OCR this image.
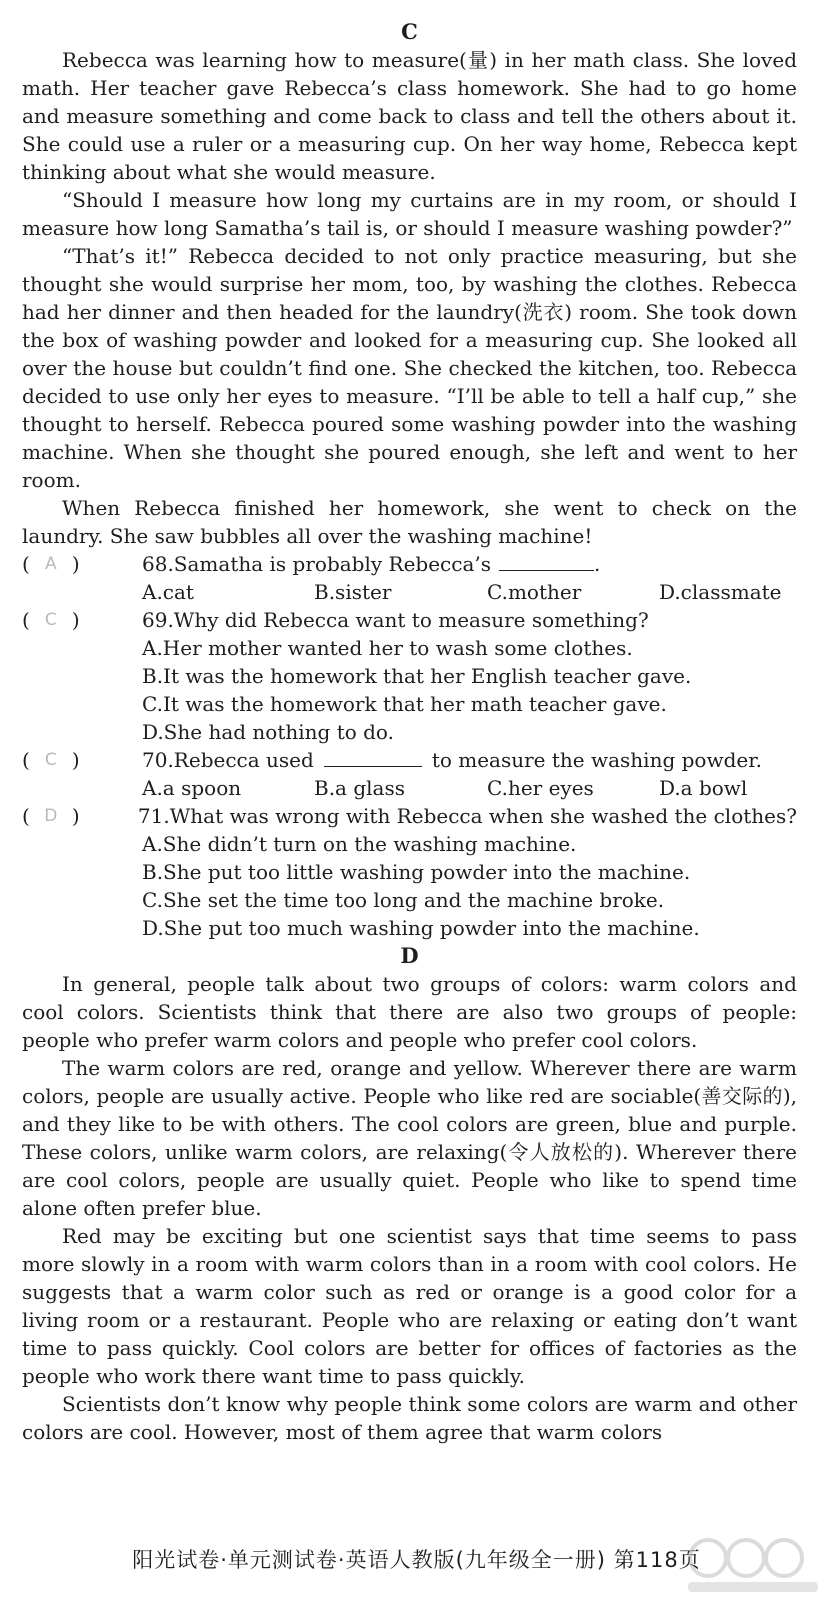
C

Rebecca was learning how to measure(量) in her math class. She loved math. Her teacher gave Rebecca’s class homework. She had to go home and measure something and come back to class and tell the others about it. She could use a ruler or a measuring cup. On her way home, Rebecca kept thinking about what she would measure.

“Should I measure how long my curtains are in my room, or should I measure how long Samatha’s tail is, or should I measure washing powder?”

“That’s it!” Rebecca decided to not only practice measuring, but she thought she would surprise her mom, too, by washing the clothes. Rebecca had her dinner and then headed for the laundry(洗衣) room. She took down the box of washing powder and looked for a measuring cup. She looked all over the house but couldn’t find one. She checked the kitchen, too. Rebecca decided to use only her eyes to measure. “I’ll be able to tell a half cup,” she thought to herself. Rebecca poured some washing powder into the washing machine. When she thought she poured enough, she left and went to her room.

When Rebecca finished her homework, she went to check on the laundry. She saw bubbles all over the washing machine!

( A )	68.Samatha is probably Rebecca’s	.
A.cat	B.sister	C.mother	D.classmate
( C )	69.Why did Rebecca want to measure something?
A.Her mother wanted her to wash some clothes.
B.It was the homework that her English teacher gave.
C.It was the homework that her math teacher gave.
D.She had nothing to do.
( C )	70.Rebecca used	to measure the washing powder.
A.a spoon	B.a glass	C.her eyes	D.a bowl
( D )	71.What was wrong with Rebecca when she washed the clothes?
A.She didn’t turn on the washing machine.
B.She put too little washing powder into the machine.
C.She set the time too long and the machine broke.
D.She put too much washing powder into the machine.
D

In general, people talk about two groups of colors: warm colors and cool colors. Scientists think that there are also two groups of people: people who prefer warm colors and people who prefer cool colors.

The warm colors are red, orange and yellow. Wherever there are warm colors, people are usually active. People who like red are sociable(善交际的), and they like to be with others. The cool colors are green, blue and purple. These colors, unlike warm colors, are relaxing(令人放松的). Wherever there are cool colors, people are usually quiet. People who like to spend time alone often prefer blue.

Red may be exciting but one scientist says that time seems to pass more slowly in a room with warm colors than in a room with cool colors. He suggests that a warm color such as red or orange is a good color for a living room or a restaurant. People who are relaxing or eating don’t want time to pass quickly. Cool colors are better for offices of factories as the people who work there want time to pass quickly.

Scientists don’t know why people think some colors are warm and other colors are cool. However, most of them agree that warm colors

阳光试卷·单元测试卷·英语人教版(九年级全一册) 第118页
